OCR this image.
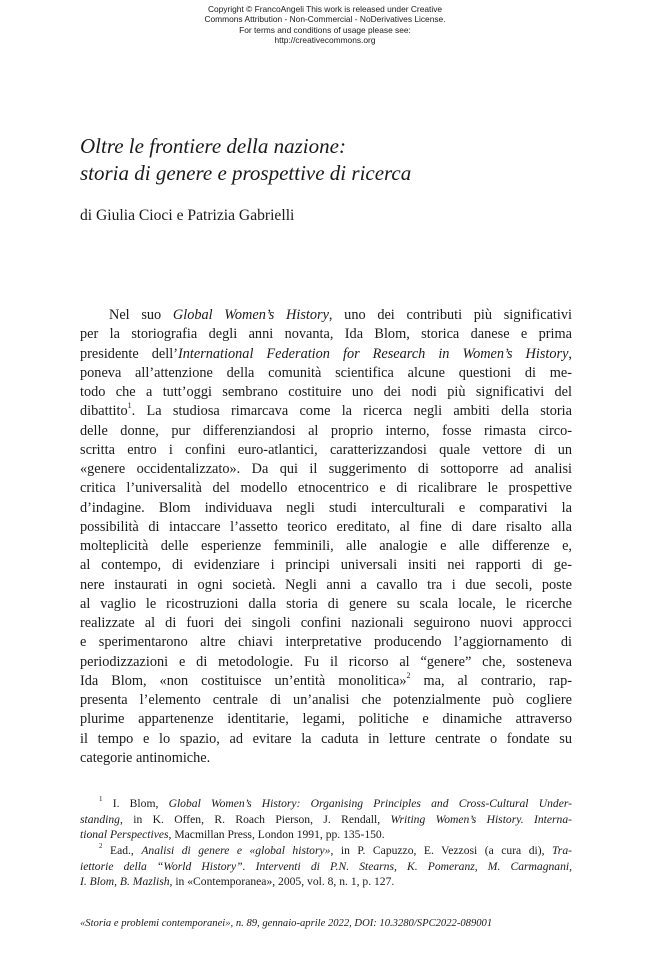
Copyright © FrancoAngeli This work is released under Creative
Commons Attribution - Non-Commercial - NoDerivatives License.
For terms and conditions of usage please see:
http://creativecommons.org
Oltre le frontiere della nazione:
storia di genere e prospettive di ricerca
di Giulia Cioci e Patrizia Gabrielli
Nel suo Global Women’s History, uno dei contributi più significativi
per la storiografia degli anni novanta, Ida Blom, storica danese e prima
presidente dell’International Federation for Research in Women’s History,
poneva all’attenzione della comunità scientifica alcune questioni di me-
todo che a tutt’oggi sembrano costituire uno dei nodi più significativi del
dibattito$^1$. La studiosa rimarcava come la ricerca negli ambiti della storia
delle donne, pur differenziandosi al proprio interno, fosse rimasta circo-
scritta entro i confini euro-atlantici, caratterizzandosi quale vettore di un
«genere occidentalizzato». Da qui il suggerimento di sottoporre ad analisi
critica l’universalità del modello etnocentrico e di ricalibrare le prospettive
d’indagine. Blom individuava negli studi interculturali e comparativi la
possibilità di intaccare l’assetto teorico ereditato, al fine di dare risalto alla
molteplicità delle esperienze femminili, alle analogie e alle differenze e,
al contempo, di evidenziare i principi universali insiti nei rapporti di ge-
nere instaurati in ogni società. Negli anni a cavallo tra i due secoli, poste
al vaglio le ricostruzioni dalla storia di genere su scala locale, le ricerche
realizzate al di fuori dei singoli confini nazionali seguirono nuovi approcci
e sperimentarono altre chiavi interpretative producendo l’aggiornamento di
periodizzazioni e di metodologie. Fu il ricorso al “genere” che, sosteneva
Ida Blom, «non costituisce un’entità monolitica»$^2$ ma, al contrario, rap-
presenta l’elemento centrale di un’analisi che potenzialmente può cogliere
plurime appartenenze identitarie, legami, politiche e dinamiche attraverso
il tempo e lo spazio, ad evitare la caduta in letture centrate o fondate su
categorie antinomiche.
$^1$ I. Blom, Global Women’s History: Organising Principles and Cross-Cultural Under-
standing, in K. Offen, R. Roach Pierson, J. Rendall, Writing Women’s History. Internа-
tional Perspectives, Macmillan Press, London 1991, pp. 135-150.
$^2$ Ead., Analisi di genere e «global history», in P. Capuzzo, E. Vezzosi (a cura di), Tra-
iettorie della “World History”. Interventi di P.N. Stearns, K. Pomeranz, M. Carmagnani,
I. Blom, B. Mazlish, in «Contemporanea», 2005, vol. 8, n. 1, p. 127.
«Storia e problemi contemporanei», n. 89, gennaio-aprile 2022, DOI: 10.3280/SPC2022-089001
